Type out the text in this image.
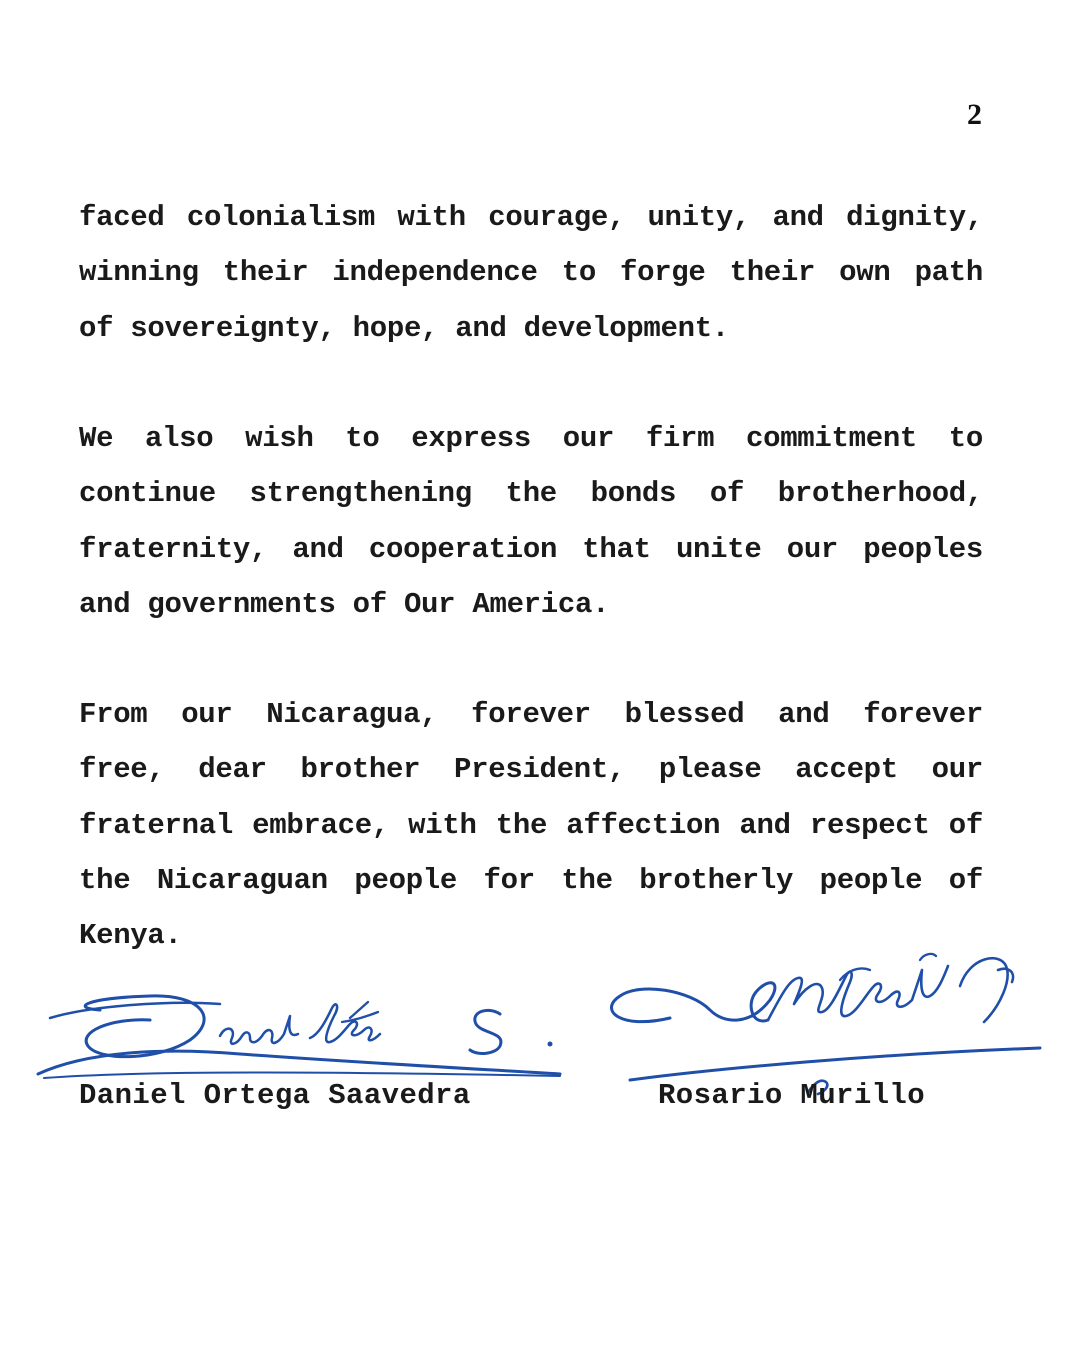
2

faced colonialism with courage, unity, and dignity, winning their independence to forge their own path of sovereignty, hope, and development.

We also wish to express our firm commitment to continue strengthening the bonds of brotherhood, fraternity, and cooperation that unite our peoples and governments of Our America.

From our Nicaragua, forever blessed and forever free, dear brother President, please accept our fraternal embrace, with the affection and respect of the Nicaraguan people for the brotherly people of Kenya.

Daniel Ortega Saavedra	Rosario Murillo
